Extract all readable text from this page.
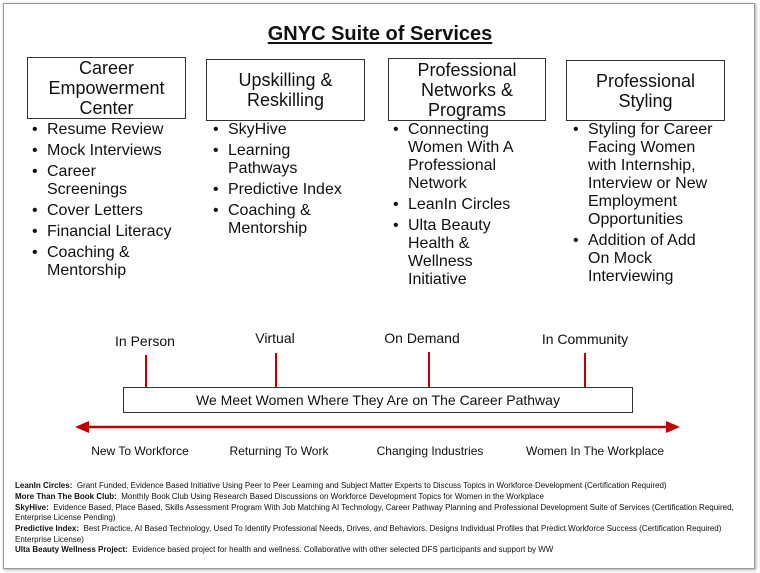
GNYC Suite of Services
Career
Empowerment
Center
• Resume Review
• Mock Interviews
• Career Screenings
• Cover Letters
• Financial Literacy
• Coaching & Mentorship
Upskilling &
Reskilling
• SkyHive
• Learning Pathways
• Predictive Index
• Coaching & Mentorship
Professional
Networks &
Programs
• Connecting Women With A Professional Network
• LeanIn Circles
• Ulta Beauty Health & Wellness Initiative
Professional
Styling
• Styling for Career Facing Women with Internship, Interview or New Employment Opportunities
• Addition of Add On Mock Interviewing
In Person	Virtual	On Demand	In Community
We Meet Women Where They Are on The Career Pathway
New To Workforce	Returning To Work	Changing Industries	Women In The Workplace

LeanIn Circles: Grant Funded, Evidence Based Initiative Using Peer to Peer Learning and Subject Matter Experts to Discuss Topics in Workforce Development (Certification Required)

More Than The Book Club: Monthly Book Club Using Research Based Discussions on Workforce Development Topics for Women in the Workplace

SkyHive: Evidence Based, Place Based, Skills Assessment Program With Job Matching AI Technology, Career Pathway Planning and Professional Development Suite of Services (Certification Required, Enterprise License Pending)

Predictive Index: Best Practice, AI Based Technology, Used To Identify Professional Needs, Drives, and Behaviors. Designs Individual Profiles that Predict Workforce Success (Certification Required) Enterprise License)

Ulta Beauty Wellness Project: Evidence based project for health and wellness. Collaborative with other selected DFS participants and support by WW
